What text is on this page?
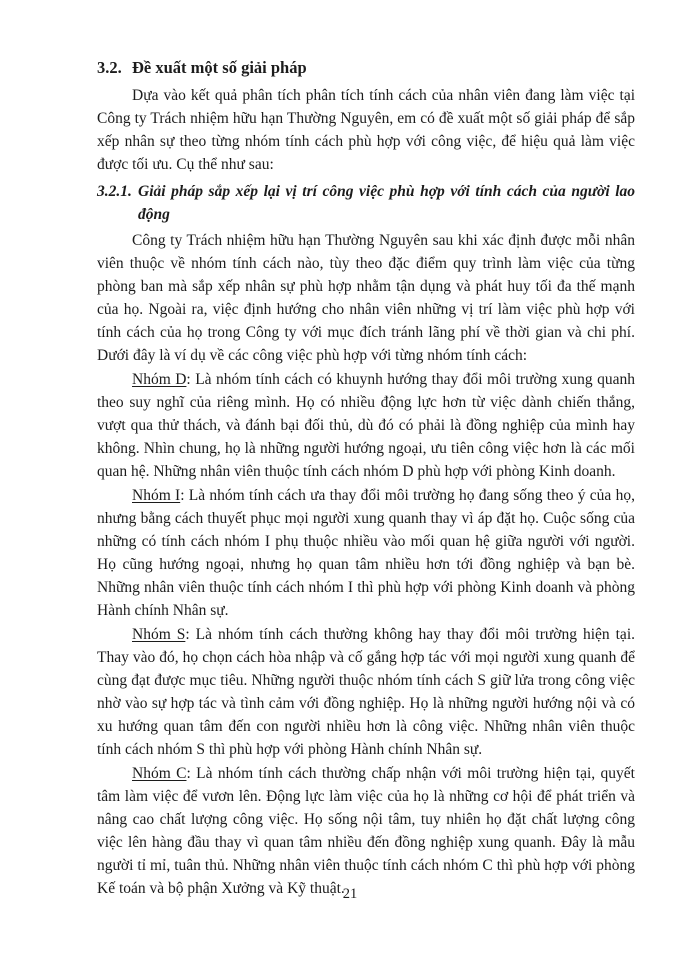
3.2. Đề xuất một số giải pháp

Dựa vào kết quả phân tích phân tích tính cách của nhân viên đang làm việc tại Công ty Trách nhiệm hữu hạn Thường Nguyên, em có đề xuất một số giải pháp để sắp xếp nhân sự theo từng nhóm tính cách phù hợp với công việc, để hiệu quả làm việc được tối ưu. Cụ thể như sau:

3.2.1. Giải pháp sắp xếp lại vị trí công việc phù hợp với tính cách của người lao động

Công ty Trách nhiệm hữu hạn Thường Nguyên sau khi xác định được mỗi nhân viên thuộc về nhóm tính cách nào, tùy theo đặc điểm quy trình làm việc của từng phòng ban mà sắp xếp nhân sự phù hợp nhằm tận dụng và phát huy tối đa thế mạnh của họ. Ngoài ra, việc định hướng cho nhân viên những vị trí làm việc phù hợp với tính cách của họ trong Công ty với mục đích tránh lãng phí về thời gian và chi phí. Dưới đây là ví dụ về các công việc phù hợp với từng nhóm tính cách:

Nhóm D: Là nhóm tính cách có khuynh hướng thay đổi môi trường xung quanh theo suy nghĩ của riêng mình. Họ có nhiều động lực hơn từ việc dành chiến thắng, vượt qua thử thách, và đánh bại đối thủ, dù đó có phải là đồng nghiệp của mình hay không. Nhìn chung, họ là những người hướng ngoại, ưu tiên công việc hơn là các mối quan hệ. Những nhân viên thuộc tính cách nhóm D phù hợp với phòng Kinh doanh.

Nhóm I: Là nhóm tính cách ưa thay đổi môi trường họ đang sống theo ý của họ, nhưng bằng cách thuyết phục mọi người xung quanh thay vì áp đặt họ. Cuộc sống của những có tính cách nhóm I phụ thuộc nhiều vào mối quan hệ giữa người với người. Họ cũng hướng ngoại, nhưng họ quan tâm nhiều hơn tới đồng nghiệp và bạn bè. Những nhân viên thuộc tính cách nhóm I thì phù hợp với phòng Kinh doanh và phòng Hành chính Nhân sự.

Nhóm S: Là nhóm tính cách thường không hay thay đổi môi trường hiện tại. Thay vào đó, họ chọn cách hòa nhập và cố gắng hợp tác với mọi người xung quanh để cùng đạt được mục tiêu. Những người thuộc nhóm tính cách S giữ lửa trong công việc nhờ vào sự hợp tác và tình cảm với đồng nghiệp. Họ là những người hướng nội và có xu hướng quan tâm đến con người nhiều hơn là công việc. Những nhân viên thuộc tính cách nhóm S thì phù hợp với phòng Hành chính Nhân sự.

Nhóm C: Là nhóm tính cách thường chấp nhận với môi trường hiện tại, quyết tâm làm việc để vươn lên. Động lực làm việc của họ là những cơ hội để phát triển và nâng cao chất lượng công việc. Họ sống nội tâm, tuy nhiên họ đặt chất lượng công việc lên hàng đầu thay vì quan tâm nhiều đến đồng nghiệp xung quanh. Đây là mẫu người tỉ mỉ, tuân thủ. Những nhân viên thuộc tính cách nhóm C thì phù hợp với phòng Kế toán và bộ phận Xưởng và Kỹ thuật.

21
